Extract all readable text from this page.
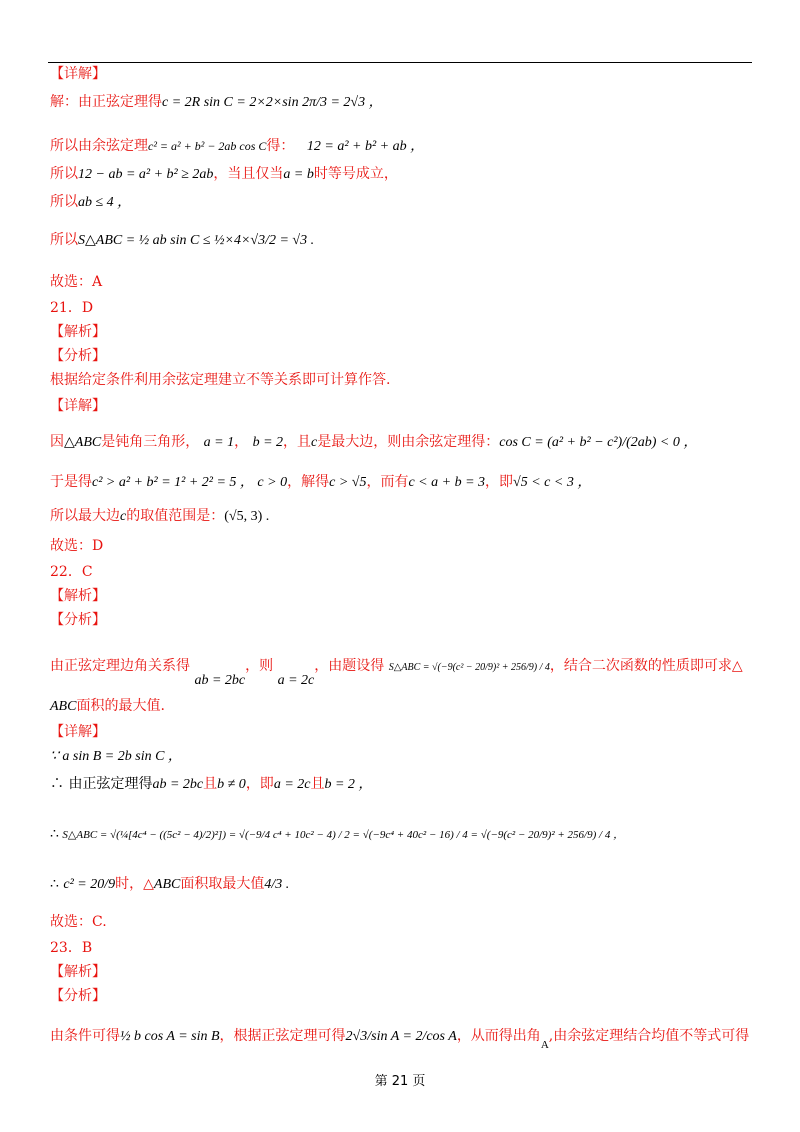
【详解】
解：由正弦定理得c = 2R sin C = 2×2×sin 2π/3 = 2√3 ，
所以由余弦定理c² = a² + b² − 2ab cos C得： 12 = a² + b² + ab ，
所以12 − ab = a² + b² ≥ 2ab，当且仅当a = b时等号成立，
所以ab ≤ 4 ，
所以S△ABC = ½ ab sin C ≤ ½×4×√3/2 = √3 .
故选：A
21．D
【解析】
【分析】
根据给定条件利用余弦定理建立不等关系即可计算作答.
【详解】
因△ABC是钝角三角形， a = 1， b = 2，且c是最大边，则由余弦定理得：cos C = (a² + b² − c²)/(2ab) < 0 ，
于是得c² > a² + b² = 1² + 2² = 5 ， c > 0，解得c > √5，而有c < a + b = 3，即√5 < c < 3 ，
所以最大边c的取值范围是：(√5, 3) .
故选：D
22．C
【解析】
【分析】
由正弦定理边角关系得 ab = 2bc，则 a = 2c，由题设得 S△ABC = √(−9(c² − 20/9)² + 256/9) / 4，结合二次函数的性质即可求△
ABC面积的最大值.
【详解】
∵ a sin B = 2b sin C ，
∴ 由正弦定理得ab = 2bc且b ≠ 0，即a = 2c且b = 2 ，
∴ S△ABC = √(¼[4c⁴ − ((5c² − 4)/2)²]) = √(−9/4 c⁴ + 10c² − 4) / 2 = √(−9c⁴ + 40c² − 16) / 4 = √(−9(c² − 20/9)² + 256/9) / 4 ，
∴ c² = 20/9时，△ABC面积取最大值4/3 .
故选：C.
23．B
【解析】
【分析】
由条件可得½ b cos A = sin B，根据正弦定理可得2√3/sin A = 2/cos A，从而得出角$_A$,由余弦定理结合均值不等式可得
第 21 页
